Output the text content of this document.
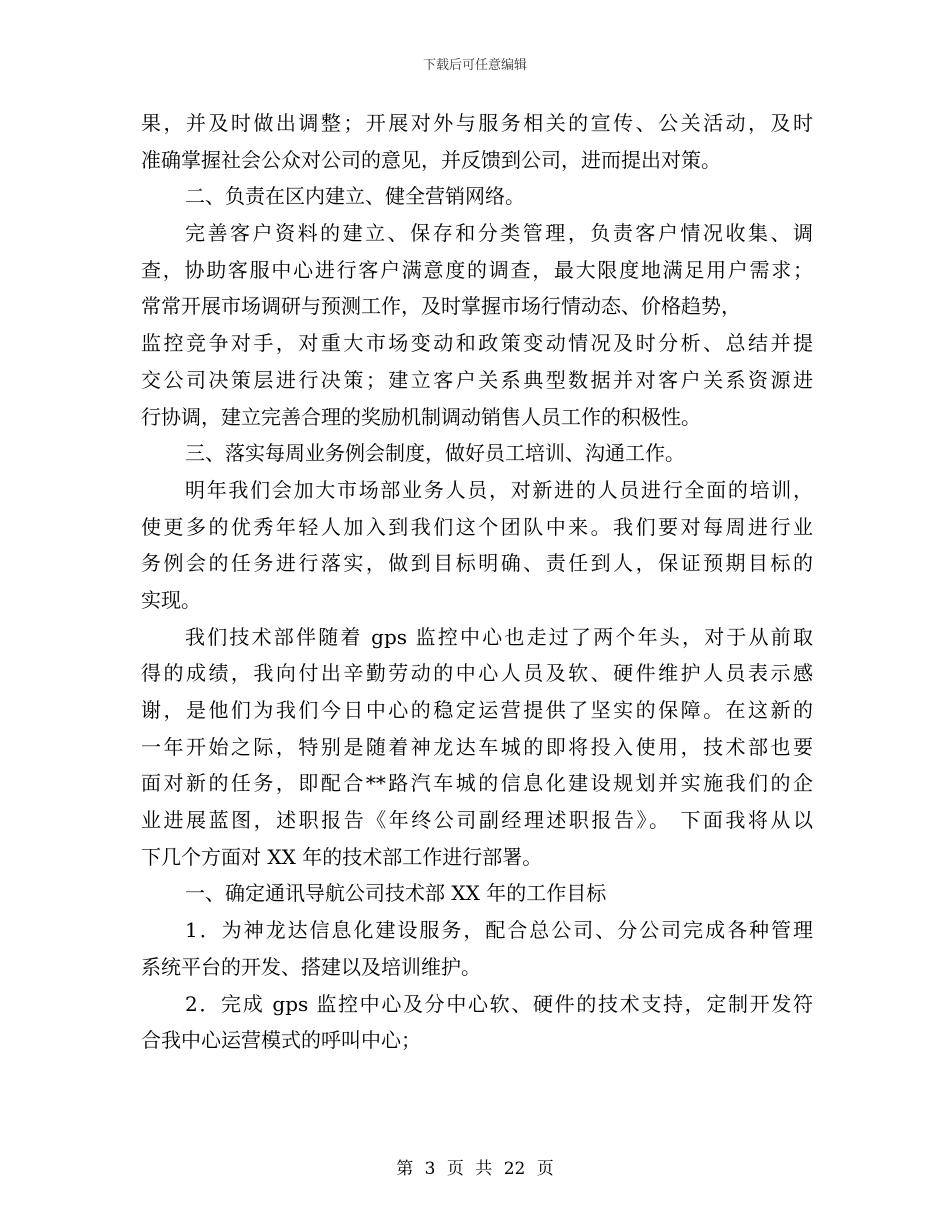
下载后可任意编辑
果，并及时做出调整；开展对外与服务相关的宣传、公关活动，及时
准确掌握社会公众对公司的意见，并反馈到公司，进而提出对策。
二、负责在区内建立、健全营销网络。
完善客户资料的建立、保存和分类管理，负责客户情况收集、调
查，协助客服中心进行客户满意度的调查，最大限度地满足用户需求；
常常开展市场调研与预测工作，及时掌握市场行情动态、价格趋势，
监控竞争对手，对重大市场变动和政策变动情况及时分析、总结并提
交公司决策层进行决策；建立客户关系典型数据并对客户关系资源进
行协调，建立完善合理的奖励机制调动销售人员工作的积极性。
三、落实每周业务例会制度，做好员工培训、沟通工作。
明年我们会加大市场部业务人员，对新进的人员进行全面的培训，
使更多的优秀年轻人加入到我们这个团队中来。我们要对每周进行业
务例会的任务进行落实，做到目标明确、责任到人，保证预期目标的
实现。
我们技术部伴随着 gps 监控中心也走过了两个年头，对于从前取
得的成绩，我向付出辛勤劳动的中心人员及软、硬件维护人员表示感
谢，是他们为我们今日中心的稳定运营提供了坚实的保障。在这新的
一年开始之际，特别是随着神龙达车城的即将投入使用，技术部也要
面对新的任务，即配合**路汽车城的信息化建设规划并实施我们的企
业进展蓝图，述职报告《年终公司副经理述职报告》。 下面我将从以
下几个方面对 XX 年的技术部工作进行部署。
一、确定通讯导航公司技术部 XX 年的工作目标
1．为神龙达信息化建设服务，配合总公司、分公司完成各种管理
系统平台的开发、搭建以及培训维护。
2．完成 gps 监控中心及分中心软、硬件的技术支持，定制开发符
合我中心运营模式的呼叫中心；
第 3 页 共 22 页
